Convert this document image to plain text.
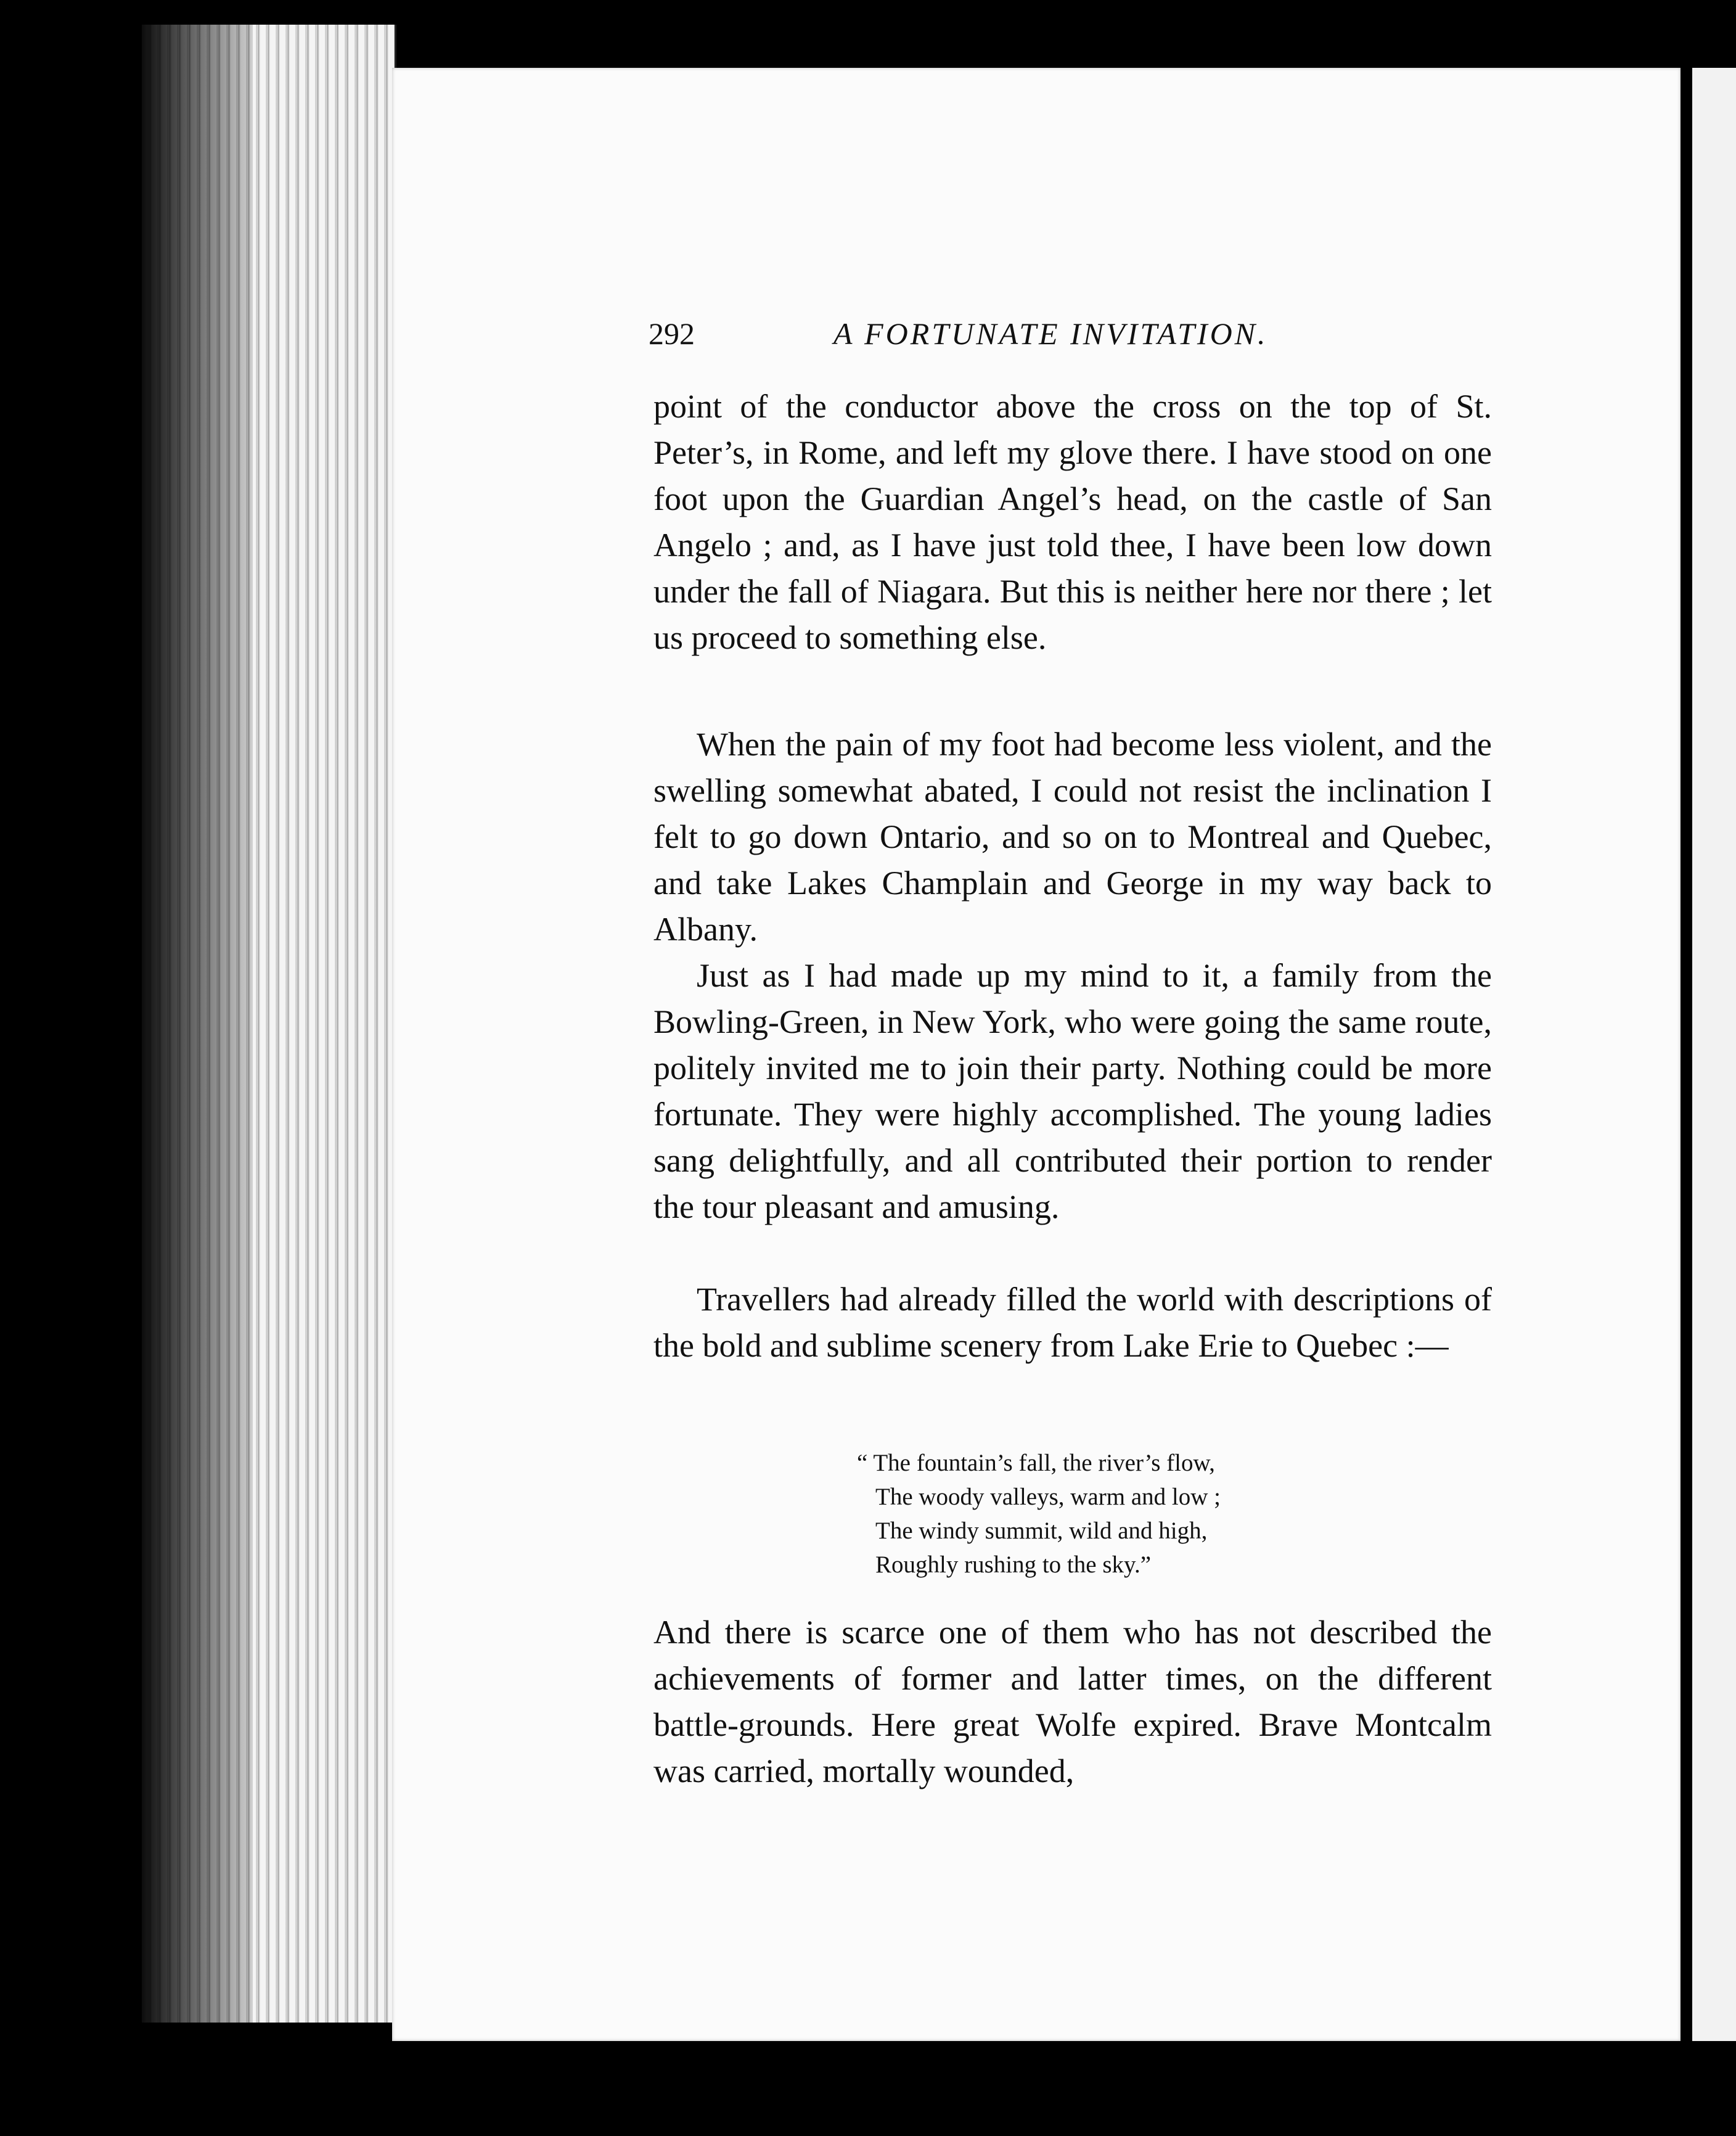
292	A FORTUNATE INVITATION.
point of the conductor above the cross on the top of St. Peter’s, in Rome, and left my glove there. I have stood on one foot upon the Guardian Angel’s head, on the castle of San Angelo ; and, as I have just told thee, I have been low down under the fall of Niagara. But this is neither here nor there ; let us proceed to something else.
When the pain of my foot had become less violent, and the swelling somewhat abated, I could not resist the inclination I felt to go down Ontario, and so on to Montreal and Quebec, and take Lakes Champlain and George in my way back to Albany.
Just as I had made up my mind to it, a family from the Bowling-Green, in New York, who were going the same route, politely invited me to join their party. Nothing could be more fortunate. They were highly accomplished. The young ladies sang delightfully, and all contributed their portion to render the tour pleasant and amusing.
Travellers had already filled the world with descriptions of the bold and sublime scenery from Lake Erie to Quebec :—
“ The fountain’s fall, the river’s flow,
The woody valleys, warm and low ;
The windy summit, wild and high,
Roughly rushing to the sky.”
And there is scarce one of them who has not described the achievements of former and latter times, on the different battle-grounds. Here great Wolfe expired. Brave Montcalm was carried, mortally wounded,
